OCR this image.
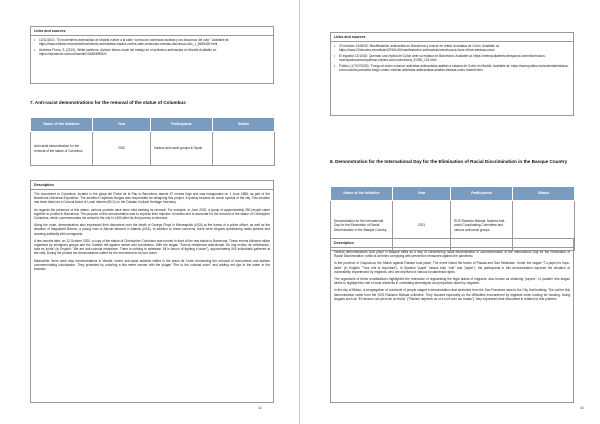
Links and sources
• 12/11/2021: "El movimiento antirracista de Madrid vuelve a la calle "contra las violencias racistas y los discursos del odio". Available at: https://www.eldiario.es/madrid/movimiento-antirracista-madrid-vuelve-calle-violencias-racistas-discursos-odio_1_8485429.html
• Andrews Press, S. (2021). White panthers: división étnico-racial del trabajo en el activismo antirracista en Madrid.Available at: https://repositorio.uam.es/handle/10486/699824
7. Anti-racist demonstrations for the removal of the statue of Columbus
Name of the initiative	Year	Participants	Status
Anti-racist demonstration for the removal of the statue of Columbus	2020	Various anti-racist groups in Spain	
Description

The monument to Columbus, located in the plaça del Portal de la Pau in Barcelona, stands 57 metres high and was inaugurated on 1 June 1888, as part of the Barcelona Universal Exposition. The architect Cayetano Buigas was responsible for designing this project. It quickly became an iconic symbol of the city. This creation has been listed as a Cultural Asset of Local Interest (BCIL) in the Catalan Cultural Heritage Inventory.

As regards the presence of this statue, various protests have been held seeking its removal. For example, in June 2020, a group of approximately 250 people came together to protest in Barcelona. The purpose of this demonstration was to express their rejection of racism and to advocate for the removal of the statue of Christopher Columbus, which commemorates his arrival to the city in 1493 after his first journey to America.

Along the route, demonstrators also expressed their discontent over the death of George Floyd in Minneapolis (USA) at the hands of a police officer, as well as the situation of Nagustard Bercos, a young man of African descent in Atlanta (USA). In addition to these concerns, there were slogans questioning racist policies and showing solidarity with immigrants.

A few months later, on 12 October 2020, a copy of the statue of Christopher Columbus was burned in front of the real statue in Barcelona. These events followed rallies organised by immigrant groups and the Catalan left against racism and colonialism. With the slogan "Somos resistencia anticolonial. No hay motivo de celebración, todo es lucha" (in English: "We are anti-colonial resistance. There is nothing to celebrate. All in favour of fighting it down"), approximately 500 individuals gathered at the rally. During the protest the demonstrators called for the monument to be torn down.

Meanwhile, there were also demonstrations in Madrid, where anti-racist activists rallied in the plaza de Colón demanding the removal of monuments and statues commemorating colonisation. They protested by unfurling a five-metre banner with the slogan "Fire to the colonial order" and adding red dye to the water in the fountain.

42
Links and sources
• 20 minutos 14/06/20: Manifestación antirracista en Barcelona y a favor de retirar la estatua de Colón. Available at: https://www.20minutos.es/noticia/4291614/0/manifestacion-antirracista-barcelona-a-favor-retirar-estatua-colon/
• El español 12/10/20: Queman una réplica de Colón ante su estatua en Barcelona. Available at: https://metropoliabierta.elespanol.com/informacion-municipal/sucesos/queman-replica-colon-barcelona_31982_102.html
• Público (17/07/2020): "Fuego al orden colonial: activistas antirracistas asaltan a estatua de Colón en Madrid. Available at: https://www.publico.es/sociedad/estatua-colon-madrid-pancarta-fuego-orden-colonial-activistas-antirracistas-asaltan-estatua-colon-madrid.html
8. Demonstration for the International Day for the Elimination of Racial Discrimination in the Basque Country
Name of the initiative	Year	Participants	Status
Demonstration for the International Day for the Elimination of Racial Discrimination in the Basque Country	2021	SOS Racismo Bizkaia, Naiema Anti-racist Coordinating Committee and various anti-racist groups	
Description

Various demonstrations took place in Basque cities as a way of condemning racial discrimination in commemoration of the International Day for the Elimination of Racial Discrimination, while at all times complying with prevention measures against the pandemic.

In the province of Guipuzkoa, the March against Racism took place. The event linked the towns of Pasaia and San Sebastian. Under the slogan "Tu papel es Impc-tante" (in English: "Your role is important"). In Spanish "papel" means both "role" and "paper"), the participants in this demonstration exposed the situation of vulnerability experienced by migrants, who are deprived of various fundamental rights.

The organisers of these mobilisations highlighted the relevance of regularising the legal status of migrants, also known as obtaining "papers". In parallel, this slogan seeks to highlight the role of local residents in combating stereotypes and prejudices faced by migrants.

In the city of Bilbao, a congregation of hundreds of people staged a demonstration that stretched from the San Francisco area to the City Hall building. The call for this demonstration came from the SOS Racismo Bizkaia collective. They focused especially on the difficulties encountered by migrants when looking for housing. Using slogans such as "El racismo nos priva de un techo" ("Racism deprives us of a roof over our heads"), they expressed their discontent in relation to this problem.

43
